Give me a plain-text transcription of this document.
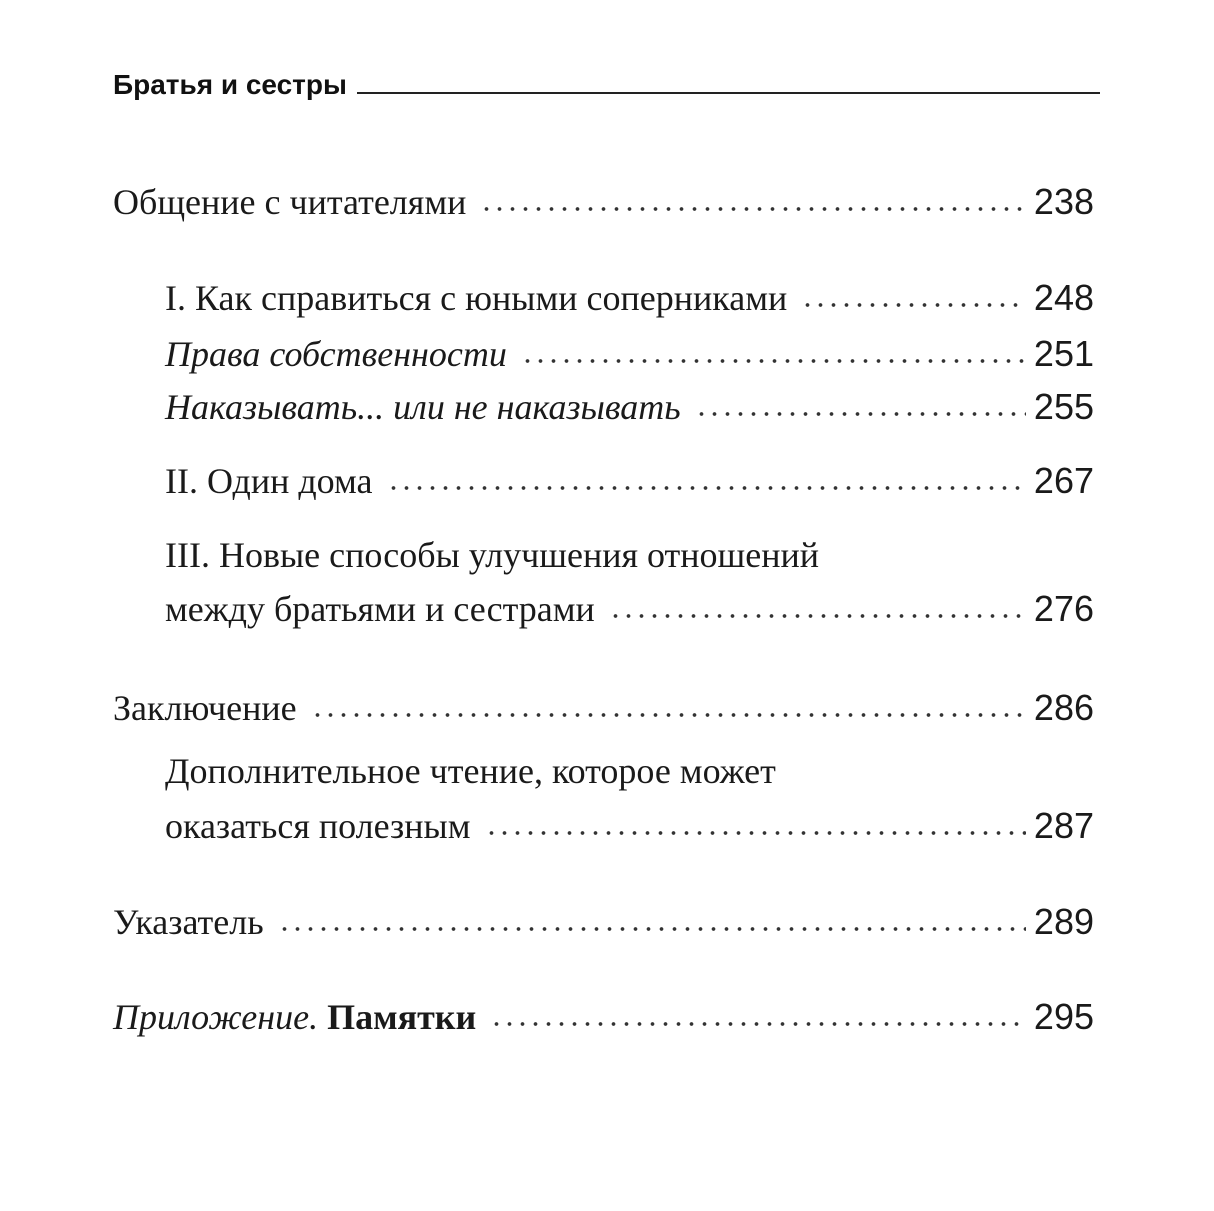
Братья и сестры
Общение с читателями	238
I. Как справиться с юными соперниками	248
Права собственности	251
Наказывать... или не наказывать	255
II. Один дома	267
III. Новые способы улучшения отношений
между братьями и сестрами	276
Заключение	286
Дополнительное чтение, которое может
оказаться полезным	287
Указатель	289
Приложение. Памятки	295
